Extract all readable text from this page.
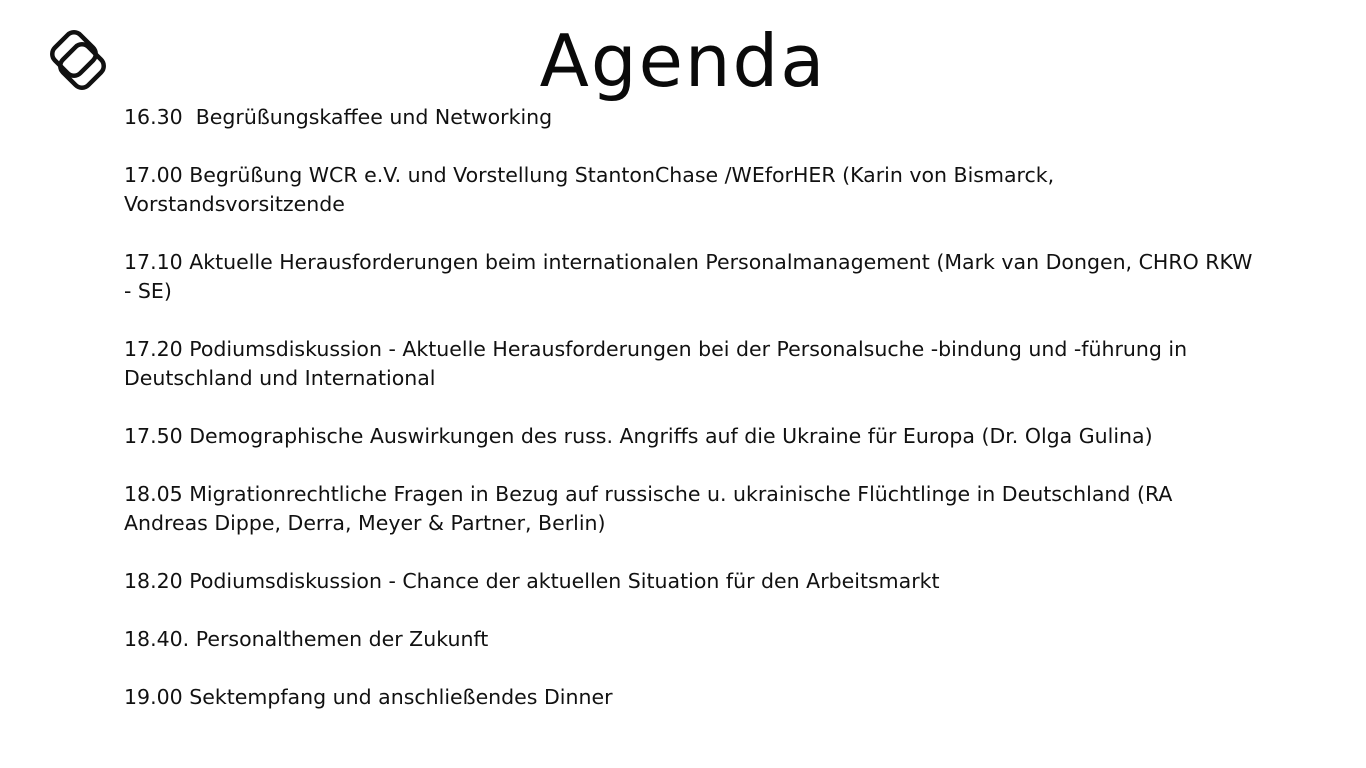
Agenda
16.30  Begrüßungskaffee und Networking
17.00 Begrüßung WCR e.V. und Vorstellung StantonChase /WEforHER (Karin von Bismarck, Vorstandsvorsitzende
17.10 Aktuelle Herausforderungen beim internationalen Personalmanagement (Mark van Dongen, CHRO RKW - SE)
17.20 Podiumsdiskussion - Aktuelle Herausforderungen bei der Personalsuche -bindung und -führung in Deutschland und International
17.50 Demographische Auswirkungen des russ. Angriffs auf die Ukraine für Europa (Dr. Olga Gulina)
18.05 Migrationrechtliche Fragen in Bezug auf russische u. ukrainische Flüchtlinge in Deutschland (RA Andreas Dippe, Derra, Meyer & Partner, Berlin)
18.20 Podiumsdiskussion - Chance der aktuellen Situation für den Arbeitsmarkt
18.40. Personalthemen der Zukunft
19.00 Sektempfang und anschließendes Dinner
